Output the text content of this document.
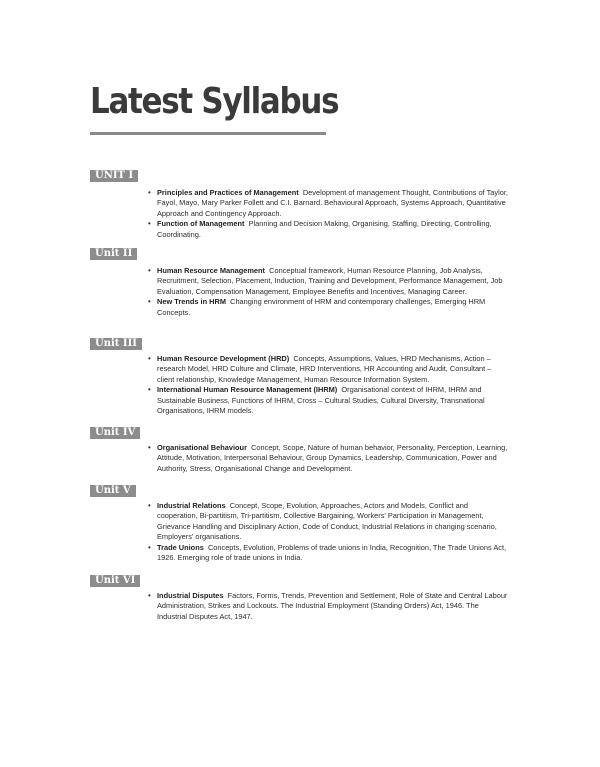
Latest Syllabus
UNIT I
• Principles and Practices of Management Development of management Thought, Contributions of Taylor, Fayol, Mayo, Mary Parker Follett and C.I. Barnard. Behavioural Approach, Systems Approach, Quantitative Approach and Contingency Approach.
• Function of Management Planning and Decision Making, Organising, Staffing, Directing, Controlling, Coordinating.
Unit II
• Human Resource Management Conceptual framework, Human Resource Planning, Job Analysis, Recruitment, Selection, Placement, Induction, Training and Development, Performance Management, Job Evaluation, Compensation Management, Employee Benefits and Incentives, Managing Career.
• New Trends in HRM Changing environment of HRM and contemporary challenges, Emerging HRM Concepts.
Unit III
• Human Resource Development (HRD) Concepts, Assumptions, Values, HRD Mechanisms, Action – research Model, HRD Culture and Climate, HRD Interventions, HR Accounting and Audit, Consultant – client relationship, Knowledge Management, Human Resource Information System.
• International Human Resource Management (IHRM) Organisational context of IHRM, IHRM and Sustainable Business, Functions of IHRM, Cross – Cultural Studies, Cultural Diversity, Transnational Organisations, IHRM models.
Unit IV
• Organisational Behaviour Concept, Scope, Nature of human behavior, Personality, Perception, Learning, Attitude, Motivation, Interpersonal Behaviour, Group Dynamics, Leadership, Communication, Power and Authority, Stress, Organisational Change and Development.
Unit V
• Industrial Relations Concept, Scope, Evolution, Approaches, Actors and Models, Conflict and cooperation, Bi-partitism, Tri-partitism, Collective Bargaining, Workers' Participation in Management, Grievance Handling and Disciplinary Action, Code of Conduct, Industrial Relations in changing scenario, Employers' organisations.
• Trade Unions Concepts, Evolution, Problems of trade unions in India, Recognition, The Trade Unions Act, 1926. Emerging role of trade unions in India.
Unit VI
• Industrial Disputes Factors, Forms, Trends, Prevention and Settlement, Role of State and Central Labour Administration, Strikes and Lockouts. The Industrial Employment (Standing Orders) Act, 1946. The Industrial Disputes Act, 1947.
